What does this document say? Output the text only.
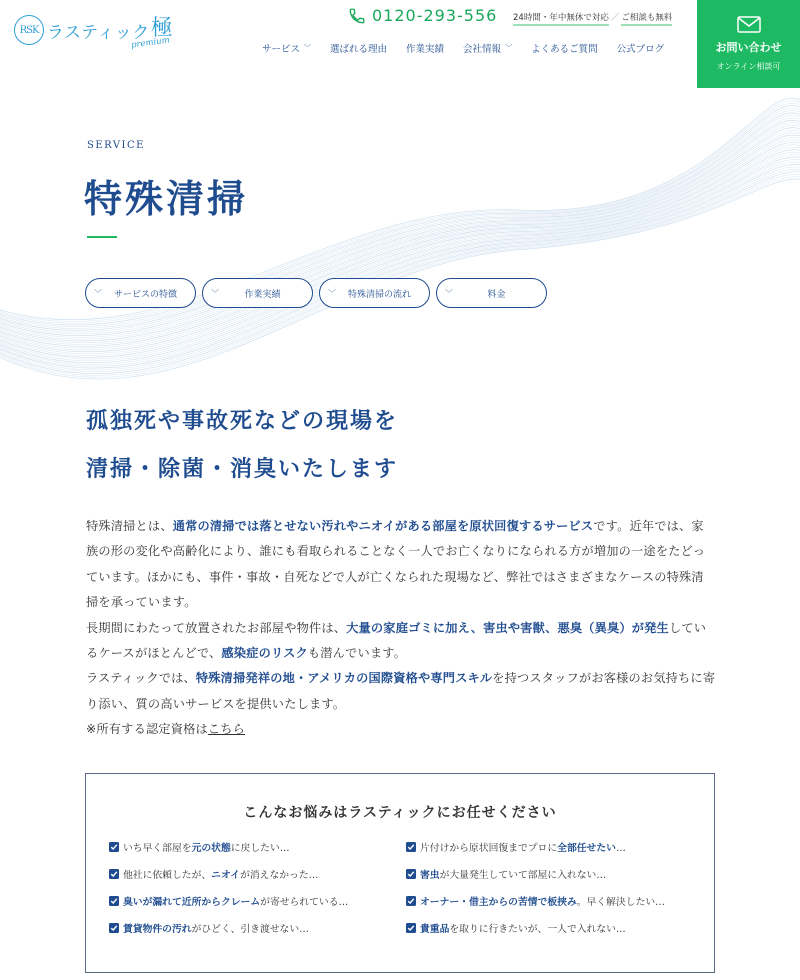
RSK ラスティック 極
premium
0120-293-556 24時間・年中無休で対応 ／ ご相談も無料
サービス ﹀ 選ばれる理由 作業実績 会社情報 ﹀ よくあるご質問 公式ブログ	お問い合わせ
オンライン相談可
SERVICE
特殊清掃
﹀	サービスの特徴	﹀	作業実績	﹀	特殊清掃の流れ	﹀	料金
孤独死や事故死などの現場を
清掃・除菌・消臭いたします

特殊清掃とは、通常の清掃では落とせない汚れやニオイがある部屋を原状回復するサービスです。近年では、家族の形の変化や高齢化により、誰にも看取られることなく一人でお亡くなりになられる方が増加の一途をたどっています。ほかにも、事件・事故・自死などで人が亡くなられた現場など、弊社ではさまざまなケースの特殊清掃を承っています。

長期間にわたって放置されたお部屋や物件は、大量の家庭ゴミに加え、害虫や害獣、悪臭（異臭）が発生しているケースがほとんどで、感染症のリスクも潜んでいます。

ラスティックでは、特殊清掃発祥の地・アメリカの国際資格や専門スキルを持つスタッフがお客様のお気持ちに寄り添い、質の高いサービスを提供いたします。

※所有する認定資格はこちら

こんなお悩みはラスティックにお任せください
いち早く部屋を元の状態に戻したい…	片付けから原状回復までプロに全部任せたい…
他社に依頼したが、ニオイが消えなかった…	害虫が大量発生していて部屋に入れない…
臭いが漏れて近所からクレームが寄せられている…	オーナー・借主からの苦情で板挟み。早く解決したい…
賃貸物件の汚れがひどく、引き渡せない…	貴重品を取りに行きたいが、一人で入れない…
